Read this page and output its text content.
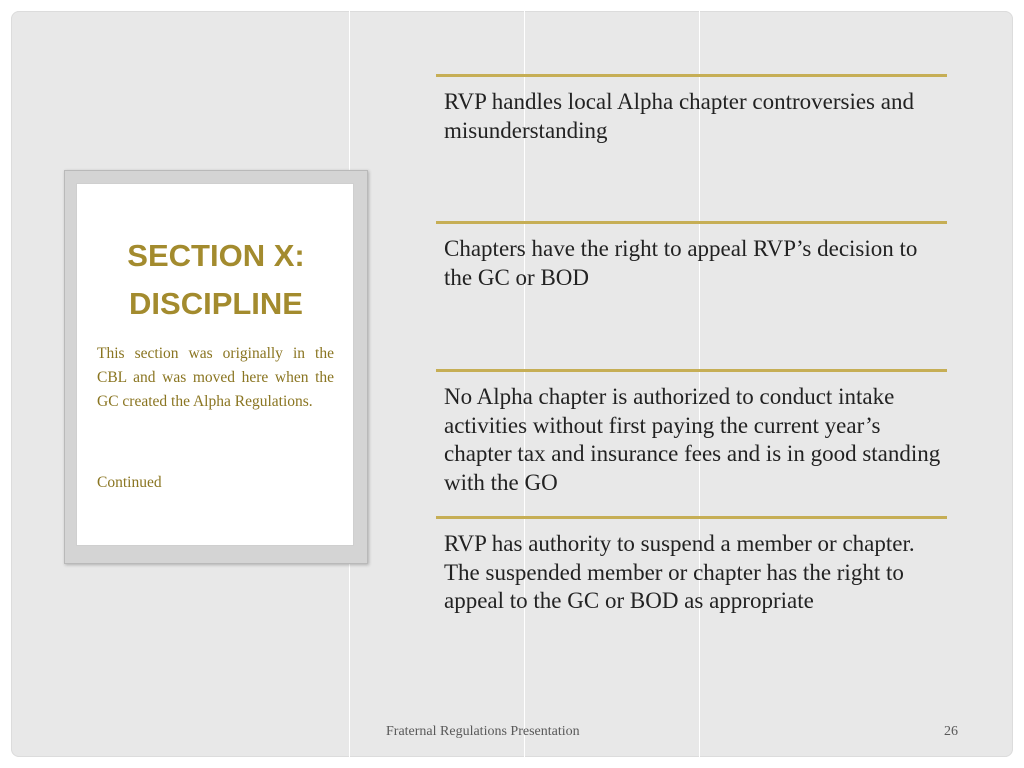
SECTION X: DISCIPLINE

This section was originally in the CBL and was moved here when the GC created the Alpha Regulations.

Continued

RVP handles local Alpha chapter controversies and misunderstanding

Chapters have the right to appeal RVP’s decision to the GC or BOD

No Alpha chapter is authorized to conduct intake activities without first paying the current year’s chapter tax and insurance fees and is in good standing with the GO

RVP has authority to suspend a member or chapter. The suspended member or chapter has the right to appeal to the GC or BOD as appropriate

Fraternal Regulations Presentation	26
